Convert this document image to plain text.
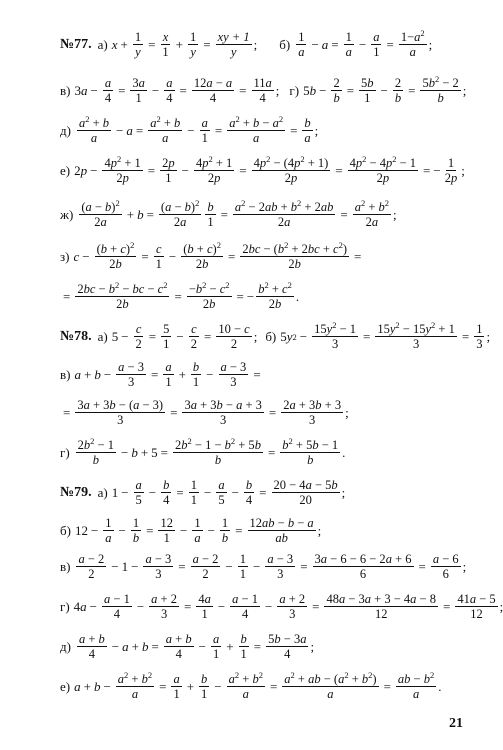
№77. а) $x + \frac{1}{y} = \frac{x}{1} + \frac{1}{y} = \frac{xy + 1}{y}$ ; б) 1
a
− $a = \frac{1}{a} - \frac{a}{1} = \frac{1-a^2}{a}$ ;
в) 3 $a - \frac{a}{4} = \frac{3a}{1} - \frac{a}{4} = \frac{12a - a}{4} = \frac{11a}{4}$ ; г) 5 $b - \frac{2}{b} = \frac{5b}{1} - \frac{2}{b} = \frac{5b^2 - 2}{b}$ ;
д) $a^2 + b$
a
− $a = \frac{a^2 + b}{a} - \frac{a}{1} = \frac{a^2 + b - a^2}{a} = \frac{b}{a}$ ;
е) 2 $p - \frac{4p^2 + 1}{2p} = \frac{2p}{1} - \frac{4p^2 + 1}{2p} = \frac{4p^2 - (4p^2 + 1)}{2p} = \frac{4p^2 - 4p^2 - 1}{2p}$ = − $\frac{1}{2p}$ ;
ж) $(a - b)^2$
2a
+ $b = \frac{(a - b)^2}{2a} \frac{b}{1} = \frac{a^2 - 2ab + b^2 + 2ab}{2a} = \frac{a^2 + b^2}{2a}$ ;
з) $c - \frac{(b + c)^2}{2b} = \frac{c}{1} - \frac{(b + c)^2}{2b} = \frac{2bc - (b^2 + 2bc + c^2)}{2b}$ =
= $\frac{2bc - b^2 - bc - c^2}{2b} = \frac{-b^2 - c^2}{2b}$ = − $\frac{b^2 + c^2}{2b}$ .
№78. а) $5 - \frac{c}{2} = \frac{5}{1} - \frac{c}{2} = \frac{10 - c}{2}$ ; б) 5 y $2 - \frac{15y^2 - 1}{3} = \frac{15y^2 - 15y^2 + 1}{3} = \frac{1}{3}$ ;
в) $a + b - \frac{a - 3}{3} = \frac{a}{1} + \frac{b}{1} - \frac{a - 3}{3}$ =
= $\frac{3a + 3b - (a - 3)}{3} = \frac{3a + 3b - a + 3}{3} = \frac{2a + 3b + 3}{3}$ ;
г) $2b^2 - 1$
b
− $b + 5 = \frac{2b^2 - 1 - b^2 + 5b}{b} = \frac{b^2 + 5b - 1}{b}$ .
№79. а) $1 - \frac{a}{5} - \frac{b}{4} = \frac{1}{1} - \frac{a}{5} - \frac{b}{4} = \frac{20 - 4a - 5b}{20}$ ;
б) $12 - \frac{1}{a} - \frac{1}{b} = \frac{12}{1} - \frac{1}{a} - \frac{1}{b} = \frac{12ab - b - a}{ab}$ ;
в) a − 2
2
− $1 - \frac{a - 3}{3} = \frac{a - 2}{2} - \frac{1}{1} - \frac{a - 3}{3} = \frac{3a - 6 - 6 - 2a + 6}{6} = \frac{a - 6}{6}$ ;
г) 4 $a - \frac{a - 1}{4} - \frac{a + 2}{3} = \frac{4a}{1} - \frac{a - 1}{4} - \frac{a + 2}{3} = \frac{48a - 3a + 3 - 4a - 8}{12} = \frac{41a - 5}{12}$ ;
д) a + b
4
− $a + b = \frac{a + b}{4} - \frac{a}{1} + \frac{b}{1} = \frac{5b - 3a}{4}$ ;
е) $a + b - \frac{a^2 + b^2}{a} = \frac{a}{1} + \frac{b}{1} - \frac{a^2 + b^2}{a} = \frac{a^2 + ab - (a^2 + b^2)}{a} = \frac{ab - b^2}{a}$ .
21
